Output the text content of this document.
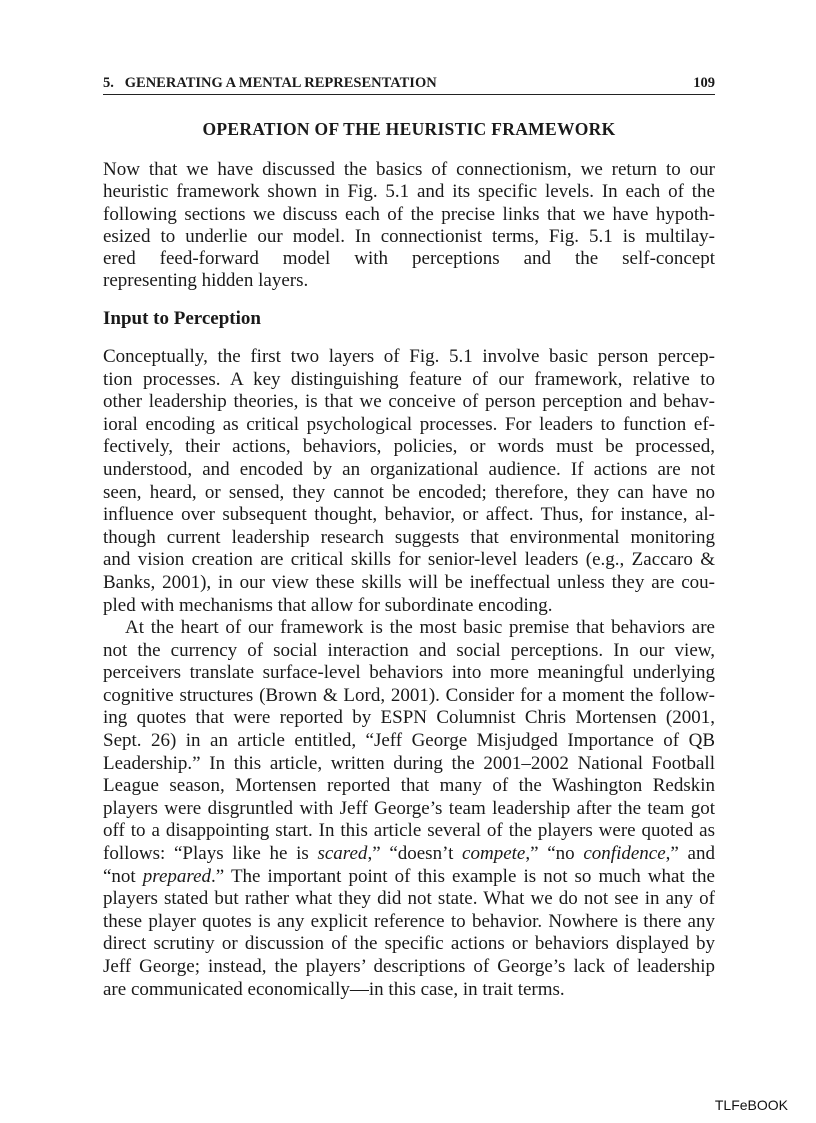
5.   GENERATING A MENTAL REPRESENTATION	109
OPERATION OF THE HEURISTIC FRAMEWORK
Input to Perception
Now that we have discussed the basics of connectionism, we return to our
heuristic framework shown in Fig. 5.1 and its specific levels. In each of the
following sections we discuss each of the precise links that we have hypoth-
esized to underlie our model. In connectionist terms, Fig. 5.1 is multilay-
ered feed-forward model with perceptions and the self-concept
representing hidden layers.
Conceptually, the first two layers of Fig. 5.1 involve basic person percep-
tion processes. A key distinguishing feature of our framework, relative to
other leadership theories, is that we conceive of person perception and behav-
ioral encoding as critical psychological processes. For leaders to function ef-
fectively, their actions, behaviors, policies, or words must be processed,
understood, and encoded by an organizational audience. If actions are not
seen, heard, or sensed, they cannot be encoded; therefore, they can have no
influence over subsequent thought, behavior, or affect. Thus, for instance, al-
though current leadership research suggests that environmental monitoring
and vision creation are critical skills for senior-level leaders (e.g., Zaccaro &
Banks, 2001), in our view these skills will be ineffectual unless they are cou-
pled with mechanisms that allow for subordinate encoding.
At the heart of our framework is the most basic premise that behaviors are
not the currency of social interaction and social perceptions. In our view,
perceivers translate surface-level behaviors into more meaningful underlying
cognitive structures (Brown & Lord, 2001). Consider for a moment the follow-
ing quotes that were reported by ESPN Columnist Chris Mortensen (2001,
Sept. 26) in an article entitled, “Jeff George Misjudged Importance of QB
Leadership.” In this article, written during the 2001–2002 National Football
League season, Mortensen reported that many of the Washington Redskin
players were disgruntled with Jeff George’s team leadership after the team got
off to a disappointing start. In this article several of the players were quoted as
follows: “Plays like he is scared,” “doesn’t compete,” “no confidence,” and
“not prepared.” The important point of this example is not so much what the
players stated but rather what they did not state. What we do not see in any of
these player quotes is any explicit reference to behavior. Nowhere is there any
direct scrutiny or discussion of the specific actions or behaviors displayed by
Jeff George; instead, the players’ descriptions of George’s lack of leadership
are communicated economically—in this case, in trait terms.
TLFeBOOK
